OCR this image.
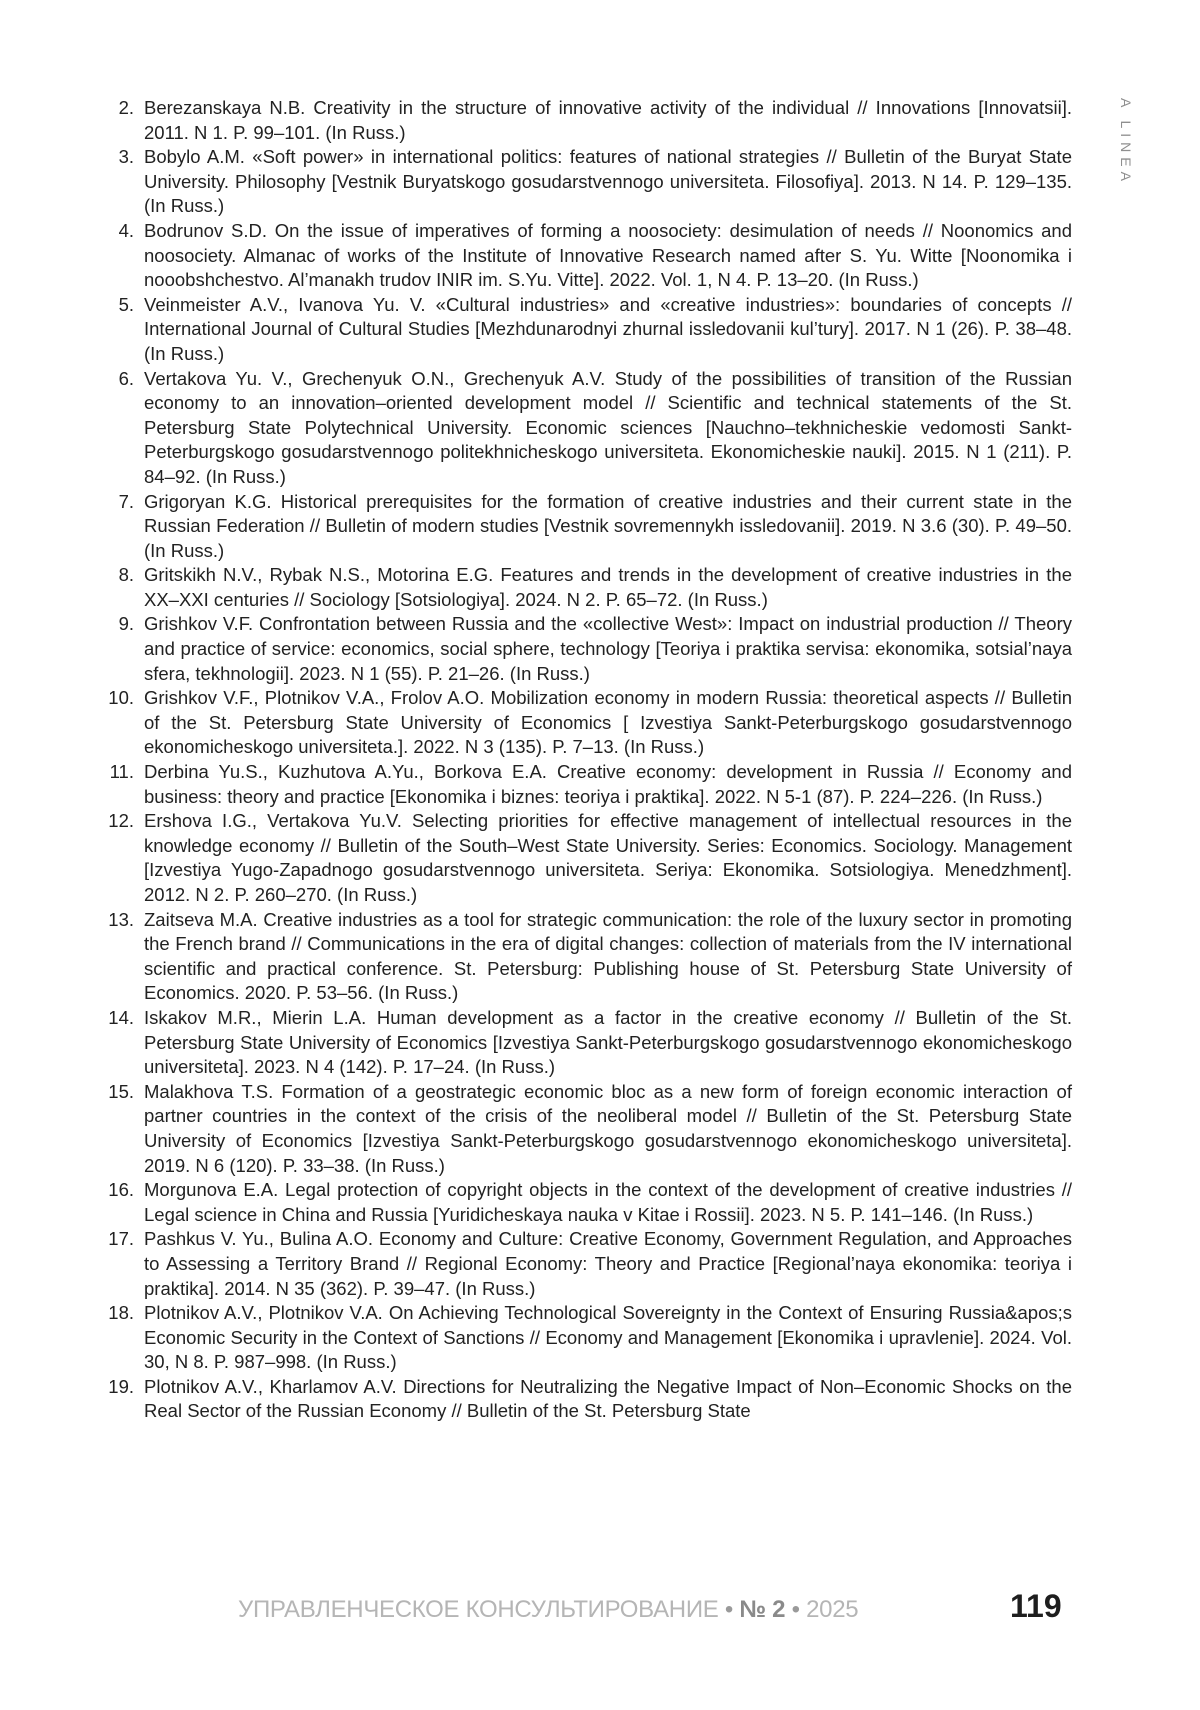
A LINEA
2. Berezanskaya N.B. Creativity in the structure of innovative activity of the individual // Innovations [Innovatsii]. 2011. N 1. P. 99–101. (In Russ.)
3. Bobylo A.M. «Soft power» in international politics: features of national strategies // Bulletin of the Buryat State University. Philosophy [Vestnik Buryatskogo gosudarstvennogo universiteta. Filosofiya]. 2013. N 14. P. 129–135. (In Russ.)
4. Bodrunov S.D. On the issue of imperatives of forming a noosociety: desimulation of needs // Noonomics and noosociety. Almanac of works of the Institute of Innovative Research named after S. Yu. Witte [Noonomika i nooobshchestvo. Al’manakh trudov INIR im. S.Yu. Vitte]. 2022. Vol. 1, N 4. P. 13–20. (In Russ.)
5. Veinmeister A.V., Ivanova Yu. V. «Cultural industries» and «creative industries»: boundaries of concepts // International Journal of Cultural Studies [Mezhdunarodnyi zhurnal issledovanii kul’tury]. 2017. N 1 (26). P. 38–48. (In Russ.)
6. Vertakova Yu. V., Grechenyuk O.N., Grechenyuk A.V. Study of the possibilities of transition of the Russian economy to an innovation–oriented development model // Scientific and technical statements of the St. Petersburg State Polytechnical University. Economic sciences [Nauchno–tekhnicheskie vedomosti Sankt-Peterburgskogo gosudarstvennogo politekhnicheskogo universiteta. Ekonomicheskie nauki]. 2015. N 1 (211). P. 84–92. (In Russ.)
7. Grigoryan K.G. Historical prerequisites for the formation of creative industries and their current state in the Russian Federation // Bulletin of modern studies [Vestnik sovremennykh issledovanii]. 2019. N 3.6 (30). P. 49–50. (In Russ.)
8. Gritskikh N.V., Rybak N.S., Motorina E.G. Features and trends in the development of creative industries in the XX–XXI centuries // Sociology [Sotsiologiya]. 2024. N 2. P. 65–72. (In Russ.)
9. Grishkov V.F. Confrontation between Russia and the «collective West»: Impact on industrial production // Theory and practice of service: economics, social sphere, technology [Teoriya i praktika servisa: ekonomika, sotsial’naya sfera, tekhnologii]. 2023. N 1 (55). P. 21–26. (In Russ.)
10. Grishkov V.F., Plotnikov V.A., Frolov A.O. Mobilization economy in modern Russia: theoretical aspects // Bulletin of the St. Petersburg State University of Economics [ Izvestiya Sankt-Peterburgskogo gosudarstvennogo ekonomicheskogo universiteta.]. 2022. N 3 (135). P. 7–13. (In Russ.)
11. Derbina Yu.S., Kuzhutova A.Yu., Borkova E.A. Creative economy: development in Russia // Economy and business: theory and practice [Ekonomika i biznes: teoriya i praktika]. 2022. N 5-1 (87). P. 224–226. (In Russ.)
12. Ershova I.G., Vertakova Yu.V. Selecting priorities for effective management of intellectual resources in the knowledge economy // Bulletin of the South–West State University. Series: Economics. Sociology. Management [Izvestiya Yugo-Zapadnogo gosudarstvennogo universiteta. Seriya: Ekonomika. Sotsiologiya. Menedzhment]. 2012. N 2. P. 260–270. (In Russ.)
13. Zaitseva M.A. Creative industries as a tool for strategic communication: the role of the luxury sector in promoting the French brand // Communications in the era of digital changes: collection of materials from the IV international scientific and practical conference. St. Petersburg: Publishing house of St. Petersburg State University of Economics. 2020. P. 53–56. (In Russ.)
14. Iskakov M.R., Mierin L.A. Human development as a factor in the creative economy // Bulletin of the St. Petersburg State University of Economics [Izvestiya Sankt-Peterburgskogo gosudarstvennogo ekonomicheskogo universiteta]. 2023. N 4 (142). P. 17–24. (In Russ.)
15. Malakhova T.S. Formation of a geostrategic economic bloc as a new form of foreign economic interaction of partner countries in the context of the crisis of the neoliberal model // Bulletin of the St. Petersburg State University of Economics [Izvestiya Sankt-Peterburgskogo gosudarstvennogo ekonomicheskogo universiteta]. 2019. N 6 (120). P. 33–38. (In Russ.)
16. Morgunova E.A. Legal protection of copyright objects in the context of the development of creative industries // Legal science in China and Russia [Yuridicheskaya nauka v Kitae i Rossii]. 2023. N 5. P. 141–146. (In Russ.)
17. Pashkus V. Yu., Bulina A.O. Economy and Culture: Creative Economy, Government Regulation, and Approaches to Assessing a Territory Brand // Regional Economy: Theory and Practice [Regional’naya ekonomika: teoriya i praktika]. 2014. N 35 (362). P. 39–47. (In Russ.)
18. Plotnikov A.V., Plotnikov V.A. On Achieving Technological Sovereignty in the Context of Ensuring Russia&apos;s Economic Security in the Context of Sanctions // Economy and Management [Ekonomika i upravlenie]. 2024. Vol. 30, N 8. P. 987–998. (In Russ.)
19. Plotnikov A.V., Kharlamov A.V. Directions for Neutralizing the Negative Impact of Non–Economic Shocks on the Real Sector of the Russian Economy // Bulletin of the St. Petersburg State
УПРАВЛЕНЧЕСКОЕ КОНСУЛЬТИРОВАНИЕ • № 2 • 2025	119
